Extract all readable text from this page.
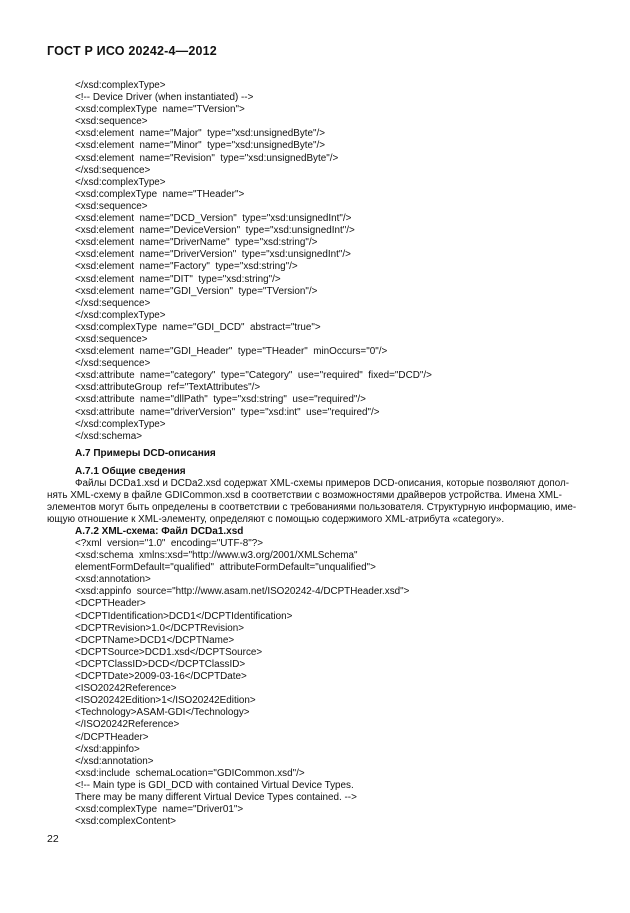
ГОСТ Р ИСО 20242-4—2012
</xsd:complexType>
<!-- Device Driver (when instantiated) -->
<xsd:complexType  name="TVersion">
<xsd:sequence>
<xsd:element  name="Major"  type="xsd:unsignedByte"/>
<xsd:element  name="Minor"  type="xsd:unsignedByte"/>
<xsd:element  name="Revision"  type="xsd:unsignedByte"/>
</xsd:sequence>
</xsd:complexType>
<xsd:complexType  name="THeader">
<xsd:sequence>
<xsd:element  name="DCD_Version"  type="xsd:unsignedInt"/>
<xsd:element  name="DeviceVersion"  type="xsd:unsignedInt"/>
<xsd:element  name="DriverName"  type="xsd:string"/>
<xsd:element  name="DriverVersion"  type="xsd:unsignedInt"/>
<xsd:element  name="Factory"  type="xsd:string"/>
<xsd:element  name="DIT"  type="xsd:string"/>
<xsd:element  name="GDI_Version"  type="TVersion"/>
</xsd:sequence>
</xsd:complexType>
<xsd:complexType  name="GDI_DCD"  abstract="true">
<xsd:sequence>
<xsd:element  name="GDI_Header"  type="THeader"  minOccurs="0"/>
</xsd:sequence>
<xsd:attribute  name="category"  type="Category"  use="required"  fixed="DCD"/>
<xsd:attributeGroup  ref="TextAttributes"/>
<xsd:attribute  name="dllPath"  type="xsd:string"  use="required"/>
<xsd:attribute  name="driverVersion"  type="xsd:int"  use="required"/>
</xsd:complexType>
</xsd:schema>
А.7 Примеры DCD-описания
А.7.1 Общие сведения
Файлы DCDa1.xsd и DCDa2.xsd содержат XML-схемы примеров DCD-описания, которые позволяют допол-
нять XML-схему в файле GDICommon.xsd в соответствии с возможностями драйверов устройства. Имена XML-
элементов могут быть определены в соответствии с требованиями пользователя. Структурную информацию, име-
ющую отношение к XML-элементу, определяют с помощью содержимого XML-атрибута «category».
А.7.2 XML-схема: Файл DCDa1.xsd
<?xml  version="1.0"  encoding="UTF-8"?>
<xsd:schema  xmlns:xsd="http://www.w3.org/2001/XMLSchema"
elementFormDefault="qualified"  attributeFormDefault="unqualified">
<xsd:annotation>
<xsd:appinfo  source="http://www.asam.net/ISO20242-4/DCPTHeader.xsd">
<DCPTHeader>
<DCPTIdentification>DCD1</DCPTIdentification>
<DCPTRevision>1.0</DCPTRevision>
<DCPTName>DCD1</DCPTName>
<DCPTSource>DCD1.xsd</DCPTSource>
<DCPTClassID>DCD</DCPTClassID>
<DCPTDate>2009-03-16</DCPTDate>
<ISO20242Reference>
<ISO20242Edition>1</ISO20242Edition>
<Technology>ASAM-GDI</Technology>
</ISO20242Reference>
</DCPTHeader>
</xsd:appinfo>
</xsd:annotation>
<xsd:include  schemaLocation="GDICommon.xsd"/>
<!-- Main type is GDI_DCD with contained Virtual Device Types.
There may be many different Virtual Device Types contained. -->
<xsd:complexType  name="Driver01">
<xsd:complexContent>
22
